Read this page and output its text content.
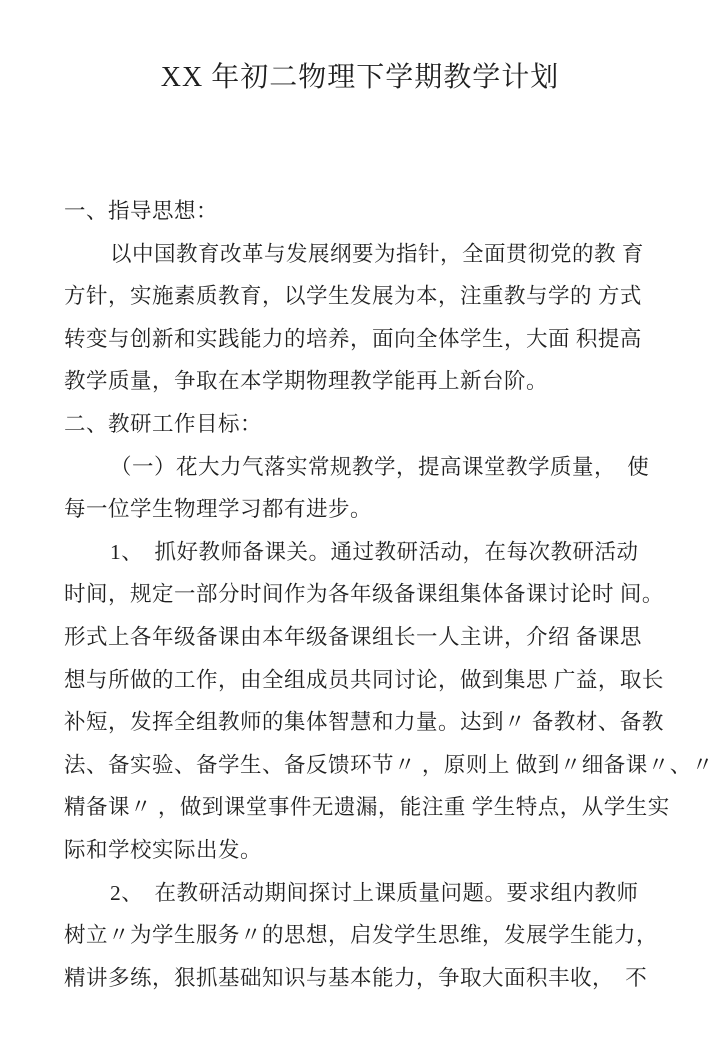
XX 年初二物理下学期教学计划
一、指导思想：
以中国教育改革与发展纲要为指针，全面贯彻党的教 育
方针，实施素质教育，以学生发展为本，注重教与学的 方式
转变与创新和实践能力的培养，面向全体学生，大面 积提高
教学质量，争取在本学期物理教学能再上新台阶。
二、教研工作目标：
（一）花大力气落实常规教学，提高课堂教学质量，　使
每一位学生物理学习都有进步。
1、　抓好教师备课关。通过教研活动，在每次教研活动
时间，规定一部分时间作为各年级备课组集体备课讨论时 间。
形式上各年级备课由本年级备课组长一人主讲，介绍 备课思
想与所做的工作，由全组成员共同讨论，做到集思 广益，取长
补短，发挥全组教师的集体智慧和力量。达到〃 备教材、备教
法、备实验、备学生、备反馈环节〃 ，原则上 做到〃细备课〃、〃
精备课〃 ，做到课堂事件无遗漏，能注重 学生特点，从学生实
际和学校实际出发。
2、　在教研活动期间探讨上课质量问题。要求组内教师
树立〃为学生服务〃的思想，启发学生思维，发展学生能力，
精讲多练，狠抓基础知识与基本能力，争取大面积丰收，　不
